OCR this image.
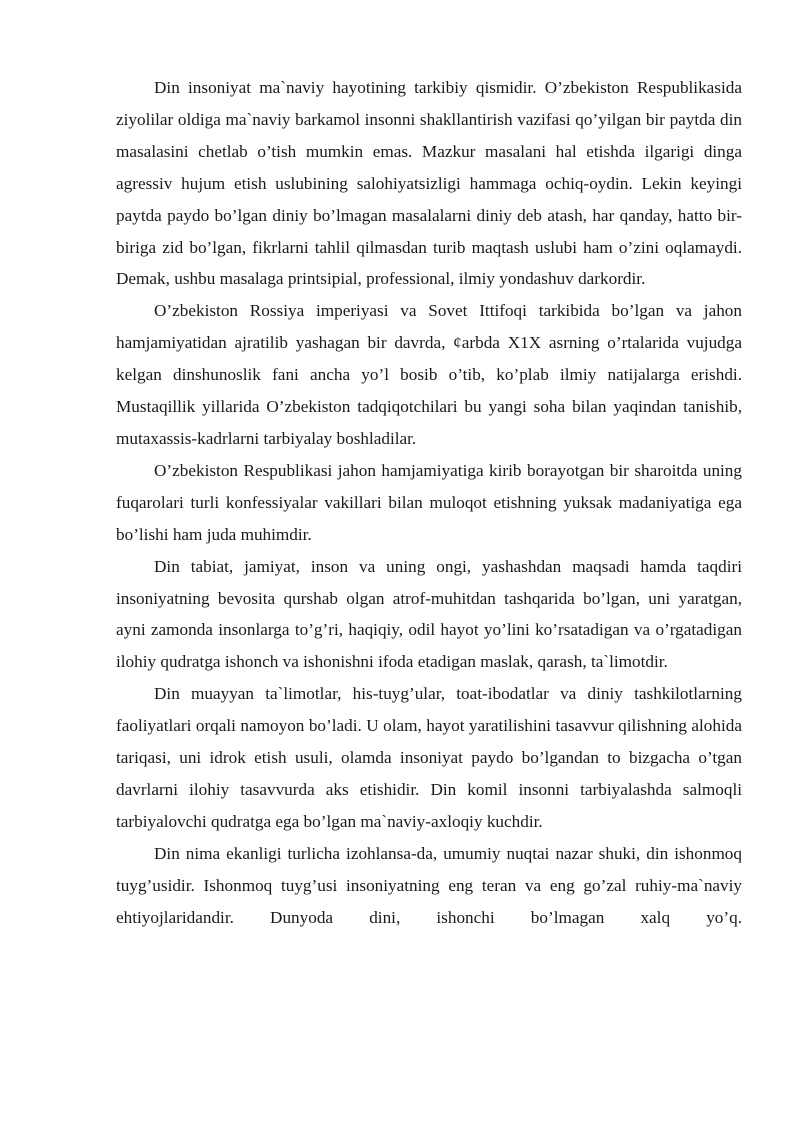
Din insoniyat ma`naviy hayotining tarkibiy qismidir. O’zbekiston Respublikasida ziyolilar oldiga ma`naviy barkamol insonni shakllantirish vazifasi qo’yilgan bir paytda din masalasini chetlab o’tish mumkin emas. Mazkur masalani hal etishda ilgarigi dinga agressiv hujum etish uslubining salohiyatsizligi hammaga ochiq-oydin. Lekin keyingi paytda paydo bo’lgan diniy bo’lmagan masalalarni diniy deb atash, har qanday, hatto bir-biriga zid bo’lgan, fikrlarni tahlil qilmasdan turib maqtash uslubi ham o’zini oqlamaydi. Demak, ushbu masalaga printsipial, professional, ilmiy yondashuv darkordir.

O’zbekiston Rossiya imperiyasi va Sovet Ittifoqi tarkibida bo’lgan va jahon hamjamiyatidan ajratilib yashagan bir davrda, ¢arbda X1X asrning o’rtalarida vujudga kelgan dinshunoslik fani ancha yo’l bosib o’tib, ko’plab ilmiy natijalarga erishdi. Mustaqillik yillarida O’zbekiston tadqiqotchilari bu yangi soha bilan yaqindan tanishib, mutaxassis-kadrlarni tarbiyalay boshladilar.

O’zbekiston Respublikasi jahon hamjamiyatiga kirib borayotgan bir sharoitda uning fuqarolari turli konfessiyalar vakillari bilan muloqot etishning yuksak madaniyatiga ega bo’lishi ham juda muhimdir.

Din tabiat, jamiyat, inson va uning ongi, yashashdan maqsadi hamda taqdiri insoniyatning bevosita qurshab olgan atrof-muhitdan tashqarida bo’lgan, uni yaratgan, ayni zamonda insonlarga to’g’ri, haqiqiy, odil hayot yo’lini ko’rsatadigan va o’rgatadigan ilohiy qudratga ishonch va ishonishni ifoda etadigan maslak, qarash, ta`limotdir.

Din muayyan ta`limotlar, his-tuyg’ular, toat-ibodatlar va diniy tashkilotlarning faoliyatlari orqali namoyon bo’ladi. U olam, hayot yaratilishini tasavvur qilishning alohida tariqasi, uni idrok etish usuli, olamda insoniyat paydo bo’lgandan to bizgacha o’tgan davrlarni ilohiy tasavvurda aks etishidir. Din komil insonni tarbiyalashda salmoqli tarbiyalovchi qudratga ega bo’lgan ma`naviy-axloqiy kuchdir.

Din nima ekanligi turlicha izohlansa-da, umumiy nuqtai nazar shuki, din ishonmoq tuyg’usidir. Ishonmoq tuyg’usi insoniyatning eng teran va eng go’zal ruhiy-ma`naviy ehtiyojlaridandir. Dunyoda dini, ishonchi bo’lmagan xalq yo’q.
